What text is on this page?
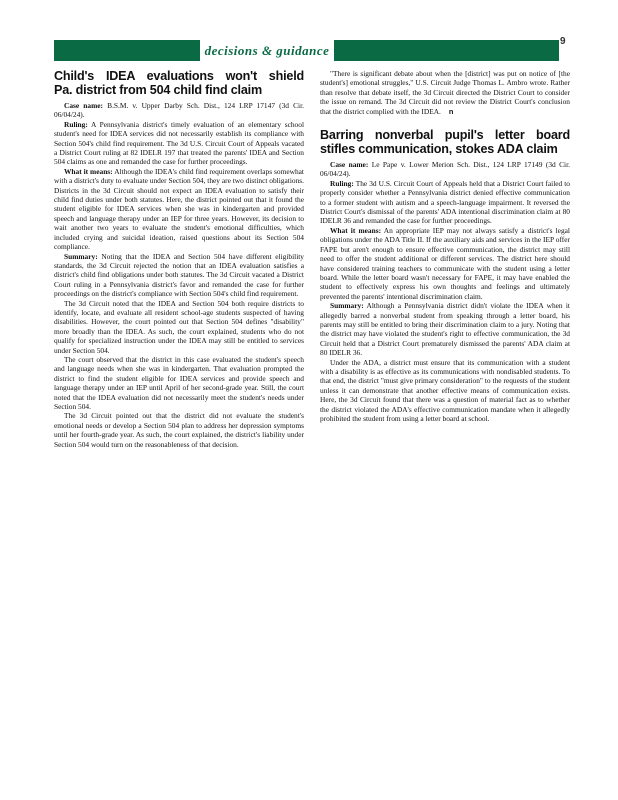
decisions & guidance
9
Child's IDEA evaluations won't shield
Pa. district from 504 child find claim

Case name: B.S.M. v. Upper Darby Sch. Dist., 124 LRP 17147 (3d Cir. 06/04/24).

Ruling: A Pennsylvania district's timely evaluation of an elementary school student's need for IDEA services did not necessarily establish its compliance with Section 504's child find requirement. The 3d U.S. Circuit Court of Appeals vacated a District Court ruling at 82 IDELR 197 that treated the parents' IDEA and Section 504 claims as one and remanded the case for further proceedings.

What it means: Although the IDEA's child find requirement overlaps somewhat with a district's duty to evaluate under Section 504, they are two distinct obligations. Districts in the 3d Circuit should not expect an IDEA evaluation to satisfy their child find duties under both statutes. Here, the district pointed out that it found the student eligible for IDEA services when she was in kindergarten and provided speech and language therapy under an IEP for three years. However, its decision to wait another two years to evaluate the student's emotional difficulties, which included crying and suicidal ideation, raised questions about its Section 504 compliance.

Summary: Noting that the IDEA and Section 504 have different eligibility standards, the 3d Circuit rejected the notion that an IDEA evaluation satisfies a district's child find obligations under both statutes. The 3d Circuit vacated a District Court ruling in a Pennsylvania district's favor and remanded the case for further proceedings on the district's compliance with Section 504's child find requirement.

The 3d Circuit noted that the IDEA and Section 504 both require districts to identify, locate, and evaluate all resident school-age students suspected of having disabilities. However, the court pointed out that Section 504 defines "disability" more broadly than the IDEA. As such, the court explained, students who do not qualify for specialized instruction under the IDEA may still be entitled to services under Section 504.

The court observed that the district in this case evaluated the student's speech and language needs when she was in kindergarten. That evaluation prompted the district to find the student eligible for IDEA services and provide speech and language therapy under an IEP until April of her second-grade year. Still, the court noted that the IDEA evaluation did not necessarily meet the student's needs under Section 504.

The 3d Circuit pointed out that the district did not evaluate the student's emotional needs or develop a Section 504 plan to address her depression symptoms until her fourth-grade year. As such, the court explained, the district's liability under Section 504 would turn on the reasonableness of that decision.

"There is significant debate about when the [district] was put on notice of [the student's] emotional struggles," U.S. Circuit Judge Thomas L. Ambro wrote. Rather than resolve that debate itself, the 3d Circuit directed the District Court to consider the issue on remand. The 3d Circuit did not review the District Court's conclusion that the district complied with the IDEA. n

Barring nonverbal pupil's letter board
stifles communication, stokes ADA claim

Case name: Le Pape v. Lower Merion Sch. Dist., 124 LRP 17149 (3d Cir. 06/04/24).

Ruling: The 3d U.S. Circuit Court of Appeals held that a District Court failed to properly consider whether a Pennsylvania district denied effective communication to a former student with autism and a speech-language impairment. It reversed the District Court's dismissal of the parents' ADA intentional discrimination claim at 80 IDELR 36 and remanded the case for further proceedings.

What it means: An appropriate IEP may not always satisfy a district's legal obligations under the ADA Title II. If the auxiliary aids and services in the IEP offer FAPE but aren't enough to ensure effective communication, the district may still need to offer the student additional or different services. The district here should have considered training teachers to communicate with the student using a letter board. While the letter board wasn't necessary for FAPE, it may have enabled the student to effectively express his own thoughts and feelings and ultimately prevented the parents' intentional discrimination claim.

Summary: Although a Pennsylvania district didn't violate the IDEA when it allegedly barred a nonverbal student from speaking through a letter board, his parents may still be entitled to bring their discrimination claim to a jury. Noting that the district may have violated the student's right to effective communication, the 3d Circuit held that a District Court prematurely dismissed the parents' ADA claim at 80 IDELR 36.

Under the ADA, a district must ensure that its communication with a student with a disability is as effective as its communications with nondisabled students. To that end, the district "must give primary consideration" to the requests of the student unless it can demonstrate that another effective means of communication exists. Here, the 3d Circuit found that there was a question of material fact as to whether the district violated the ADA's effective communication mandate when it allegedly prohibited the student from using a letter board at school.
